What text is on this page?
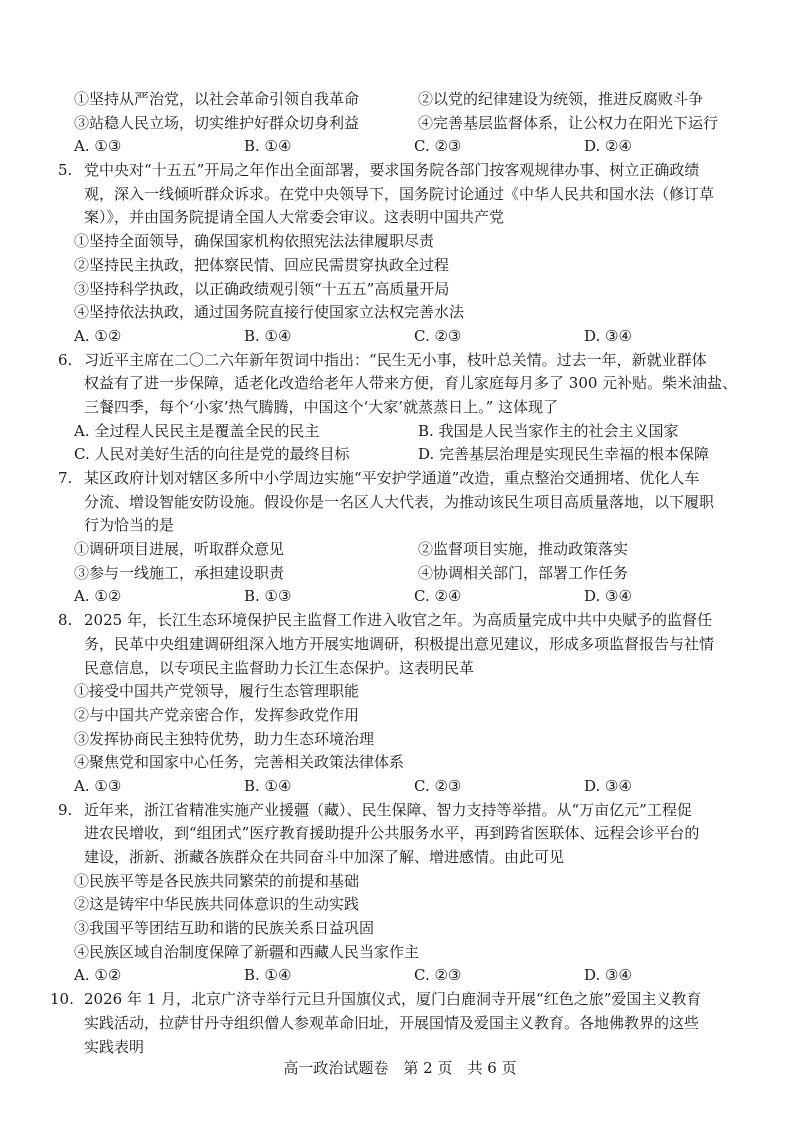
①坚持从严治党，以社会革命引领自我革命	②以党的纪律建设为统领，推进反腐败斗争
③站稳人民立场，切实维护好群众切身利益	④完善基层监督体系，让公权力在阳光下运行
A. ①③	B. ①④	C. ②③	D. ②④
5. 党中央对“十五五”开局之年作出全面部署，要求国务院各部门按客观规律办事、树立正确政绩
观，深入一线倾听群众诉求。在党中央领导下，国务院讨论通过《中华人民共和国水法（修订草
案）》，并由国务院提请全国人大常委会审议。这表明中国共产党
①坚持全面领导，确保国家机构依照宪法法律履职尽责
②坚持民主执政，把体察民情、回应民需贯穿执政全过程
③坚持科学执政，以正确政绩观引领“十五五”高质量开局
④坚持依法执政，通过国务院直接行使国家立法权完善水法
A. ①②	B. ①④	C. ②③	D. ③④
6. 习近平主席在二〇二六年新年贺词中指出：“民生无小事，枝叶总关情。过去一年，新就业群体
权益有了进一步保障，适老化改造给老年人带来方便，育儿家庭每月多了 300 元补贴。柴米油盐、
三餐四季，每个‘小家’热气腾腾，中国这个‘大家’就蒸蒸日上。” 这体现了
A. 全过程人民民主是覆盖全民的民主	B. 我国是人民当家作主的社会主义国家
C. 人民对美好生活的向往是党的最终目标	D. 完善基层治理是实现民生幸福的根本保障
7. 某区政府计划对辖区多所中小学周边实施“平安护学通道”改造，重点整治交通拥堵、优化人车
分流、增设智能安防设施。假设你是一名区人大代表，为推动该民生项目高质量落地，以下履职
行为恰当的是
①调研项目进展，听取群众意见	②监督项目实施，推动政策落实
③参与一线施工，承担建设职责	④协调相关部门，部署工作任务
A. ①②	B. ①③	C. ②④	D. ③④
8. 2025 年，长江生态环境保护民主监督工作进入收官之年。为高质量完成中共中央赋予的监督任
务，民革中央组建调研组深入地方开展实地调研，积极提出意见建议，形成多项监督报告与社情
民意信息，以专项民主监督助力长江生态保护。这表明民革
①接受中国共产党领导，履行生态管理职能
②与中国共产党亲密合作，发挥参政党作用
③发挥协商民主独特优势，助力生态环境治理
④聚焦党和国家中心任务，完善相关政策法律体系
A. ①③	B. ①④	C. ②③	D. ③④
9. 近年来，浙江省精准实施产业援疆（藏）、民生保障、智力支持等举措。从“万亩亿元”工程促
进农民增收，到“组团式”医疗教育援助提升公共服务水平，再到跨省医联体、远程会诊平台的
建设，浙新、浙藏各族群众在共同奋斗中加深了解、增进感情。由此可见
①民族平等是各民族共同繁荣的前提和基础
②这是铸牢中华民族共同体意识的生动实践
③我国平等团结互助和谐的民族关系日益巩固
④民族区域自治制度保障了新疆和西藏人民当家作主
A. ①②	B. ①④	C. ②③	D. ③④
10. 2026 年 1 月，北京广济寺举行元旦升国旗仪式，厦门白鹿洞寺开展“红色之旅”爱国主义教育
实践活动，拉萨甘丹寺组织僧人参观革命旧址，开展国情及爱国主义教育。各地佛教界的这些
实践表明
高一政治试题卷　第 2 页　共 6 页
